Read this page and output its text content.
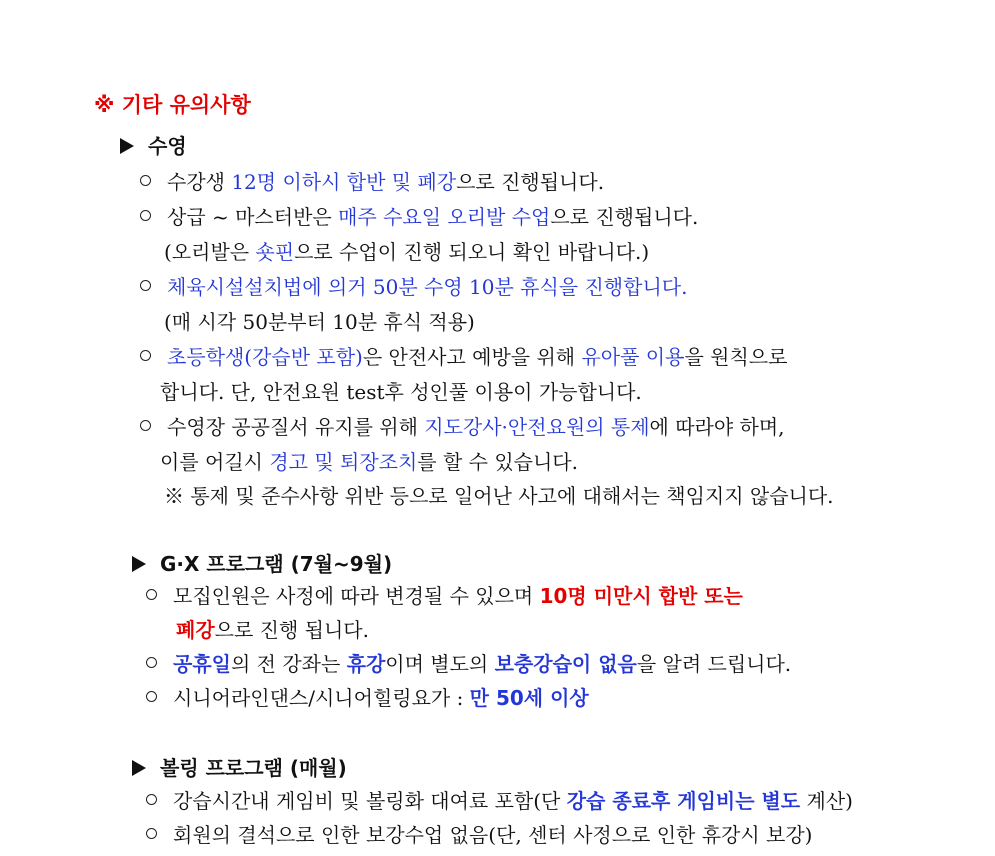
※ 기타 유의사항
수영
수강생 12명 이하시 합반 및 폐강으로 진행됩니다.
상급 ~ 마스터반은 매주 수요일 오리발 수업으로 진행됩니다.
(오리발은 숏핀으로 수업이 진행 되오니 확인 바랍니다.)
체육시설설치법에 의거 50분 수영 10분 휴식을 진행합니다.
(매 시각 50분부터 10분 휴식 적용)
초등학생(강습반 포함)은 안전사고 예방을 위해 유아풀 이용을 원칙으로
합니다. 단, 안전요원 test후 성인풀 이용이 가능합니다.
수영장 공공질서 유지를 위해 지도강사·안전요원의 통제에 따라야 하며,
이를 어길시 경고 및 퇴장조치를 할 수 있습니다.
※ 통제 및 준수사항 위반 등으로 일어난 사고에 대해서는 책임지지 않습니다.
G·X 프로그램 (7월~9월)
모집인원은 사정에 따라 변경될 수 있으며 10명 미만시 합반 또는
폐강으로 진행 됩니다.
공휴일의 전 강좌는 휴강이며 별도의 보충강습이 없음을 알려 드립니다.
시니어라인댄스/시니어힐링요가 : 만 50세 이상
볼링 프로그램 (매월)
강습시간내 게임비 및 볼링화 대여료 포함(단 강습 종료후 게임비는 별도 계산)
회원의 결석으로 인한 보강수업 없음(단, 센터 사정으로 인한 휴강시 보강)
